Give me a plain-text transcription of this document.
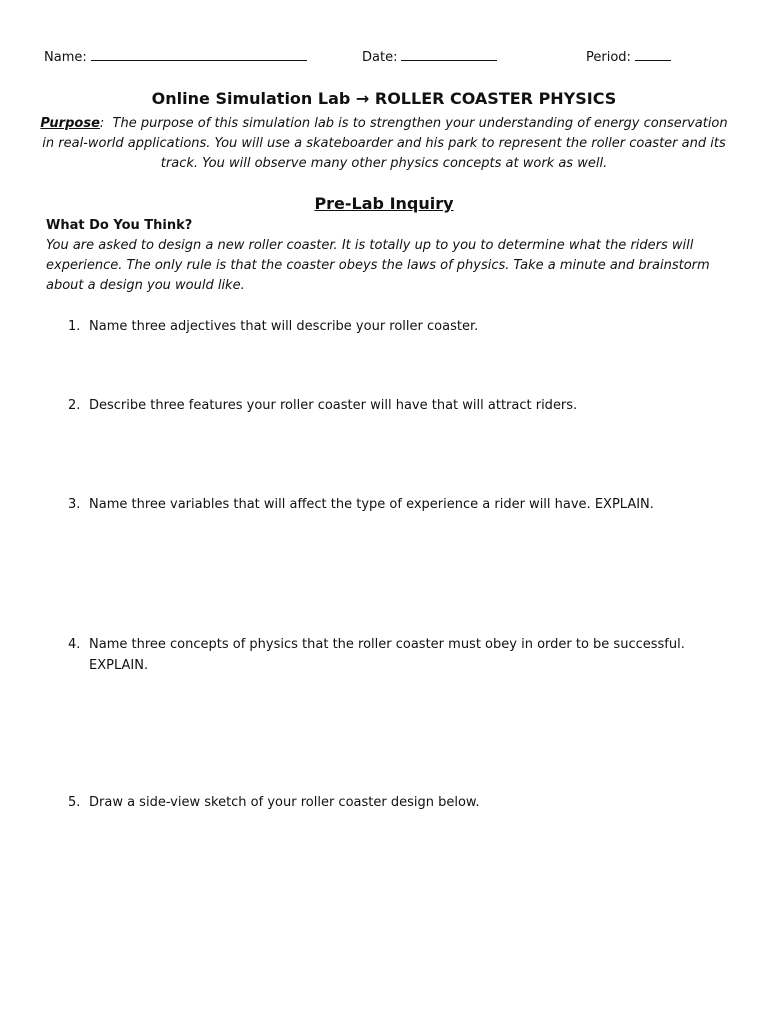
Name:	Date:	Period:
Online Simulation Lab → ROLLER COASTER PHYSICS
Purpose: The purpose of this simulation lab is to strengthen your understanding of energy conservation in real-world applications. You will use a skateboarder and his park to represent the roller coaster and its track. You will observe many other physics concepts at work as well.
Pre-Lab Inquiry
What Do You Think?
You are asked to design a new roller coaster. It is totally up to you to determine what the riders will experience. The only rule is that the coaster obeys the laws of physics. Take a minute and brainstorm about a design you would like.
1. Name three adjectives that will describe your roller coaster.
2. Describe three features your roller coaster will have that will attract riders.
3. Name three variables that will affect the type of experience a rider will have. EXPLAIN.
4. Name three concepts of physics that the roller coaster must obey in order to be successful. EXPLAIN.
5. Draw a side-view sketch of your roller coaster design below.
